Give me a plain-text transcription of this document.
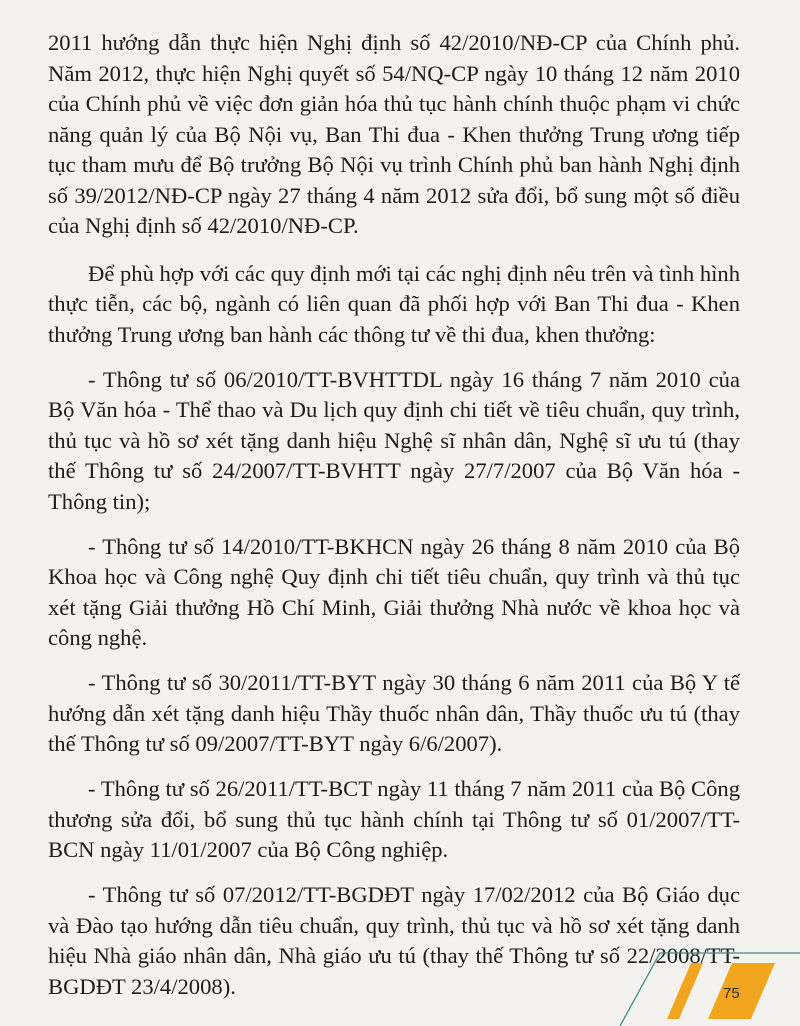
2011 hướng dẫn thực hiện Nghị định số 42/2010/NĐ-CP của Chính phủ. Năm 2012, thực hiện Nghị quyết số 54/NQ-CP ngày 10 tháng 12 năm 2010 của Chính phủ về việc đơn giản hóa thủ tục hành chính thuộc phạm vi chức năng quản lý của Bộ Nội vụ, Ban Thi đua - Khen thưởng Trung ương tiếp tục tham mưu để Bộ trưởng Bộ Nội vụ trình Chính phủ ban hành Nghị định số 39/2012/NĐ-CP ngày 27 tháng 4 năm 2012 sửa đổi, bổ sung một số điều của Nghị định số 42/2010/NĐ-CP.

Để phù hợp với các quy định mới tại các nghị định nêu trên và tình hình thực tiễn, các bộ, ngành có liên quan đã phối hợp với Ban Thi đua - Khen thưởng Trung ương ban hành các thông tư về thi đua, khen thưởng:

- Thông tư số 06/2010/TT-BVHTTDL ngày 16 tháng 7 năm 2010 của Bộ Văn hóa - Thể thao và Du lịch quy định chi tiết về tiêu chuẩn, quy trình, thủ tục và hồ sơ xét tặng danh hiệu Nghệ sĩ nhân dân, Nghệ sĩ ưu tú (thay thế Thông tư số 24/2007/TT-BVHTT ngày 27/7/2007 của Bộ Văn hóa - Thông tin);

- Thông tư số 14/2010/TT-BKHCN ngày 26 tháng 8 năm 2010 của Bộ Khoa học và Công nghệ Quy định chi tiết tiêu chuẩn, quy trình và thủ tục xét tặng Giải thưởng Hồ Chí Minh, Giải thưởng Nhà nước về khoa học và công nghệ.

- Thông tư số 30/2011/TT-BYT ngày 30 tháng 6 năm 2011 của Bộ Y tế hướng dẫn xét tặng danh hiệu Thầy thuốc nhân dân, Thầy thuốc ưu tú (thay thế Thông tư số 09/2007/TT-BYT ngày 6/6/2007).

- Thông tư số 26/2011/TT-BCT ngày 11 tháng 7 năm 2011 của Bộ Công thương sửa đổi, bổ sung thủ tục hành chính tại Thông tư số 01/2007/TT-BCN ngày 11/01/2007 của Bộ Công nghiệp.

- Thông tư số 07/2012/TT-BGDĐT ngày 17/02/2012 của Bộ Giáo dục và Đào tạo hướng dẫn tiêu chuẩn, quy trình, thủ tục và hồ sơ xét tặng danh hiệu Nhà giáo nhân dân, Nhà giáo ưu tú (thay thế Thông tư số 22/2008/TT-BGDĐT 23/4/2008).	75
